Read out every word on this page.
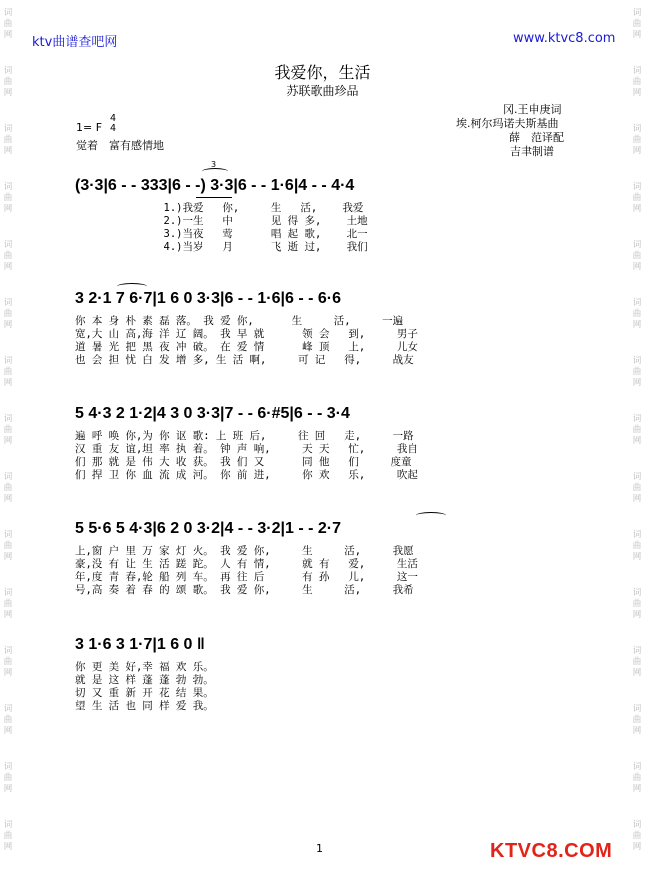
词
曲
网
词
曲
网
词
曲
网
词
曲
网
词
曲
网
词
曲
网
词
曲
网
词
曲
网
词
曲
网
词
曲
网
词
曲
网
词
曲
网
词
曲
网
词
曲
网
词
曲
网
词
曲
网
词
曲
网
词
曲
网
词
曲
网
词
曲
网
词
曲
网
词
曲
网
词
曲
网
词
曲
网
词
曲
网
词
曲
网
词
曲
网
词
曲
网
词
曲
网
词
曲
网
ktv曲谱查吧网	www.ktvc8.com
我爱你，生活
苏联歌曲珍品
冈.王申庚词
埃.柯尔玛诺夫斯基曲
薛　范译配
吉聿制谱
1= F
4
4
觉着　富有感情地
(3·3|6 - - 333|6 - -) 3·3|6 - - 1·6|4 - - 4·4
1.)我爱   你,     生   活,    我爱
2.)一生   中      见 得 多,    土地
3.)当夜   莺      唱 起 歌,    北一
4.)当岁   月      飞 逝 过,    我们
3
3 2·1 7 6·7|1 6 0 3·3|6 - - 1·6|6 - - 6·6
你 本 身 朴 素 磊 落。 我 爱 你,      生     活,     一遍
宽,大 山 高,海 洋 辽 阔。 我 早 就      领 会   到,     男子
道 暑 光 把 黑 夜 冲 破。 在 爱 情      峰 顶   上,     儿女
也 会 担 忧 白 发 增 多, 生 活 啊,     可 记   得,     战友
5 4·3 2 1·2|4 3 0 3·3|7 - - 6·#5|6 - - 3·4
遍 呼 唤 你,为 你 讴 歌: 上 班 后,     往 回   走,     一路
汉 重 友 谊,坦 率 执 着。 钟 声 响,     天 天   忙,     我自
们 那 就 是 伟 大 收 获。 我 们 又      同 他   们     度童
们 捍 卫 你 血 流 成 河。 你 前 进,     你 欢   乐,     吹起
5 5·6 5 4·3|6 2 0 3·2|4 - - 3·2|1 - - 2·7
上,窗 户 里 万 家 灯 火。 我 爱 你,     生     活,     我愿
豪,没 有 让 生 活 蹉 跎。 人 有 情,     就 有   爱,     生活
年,度 青 春,轮 船 列 车。 再 往 后      有 孙   儿,     这一
号,高 奏 着 春 的 颂 歌。 我 爱 你,     生     活,     我希
3 1·6 3 1·7|1 6 0 ‖
你 更 美 好,幸 福 欢 乐。
就 是 这 样 蓬 蓬 勃 勃。
切 又 重 新 开 花 结 果。
望 生 活 也 同 样 爱 我。
1	KTVC8.COM
